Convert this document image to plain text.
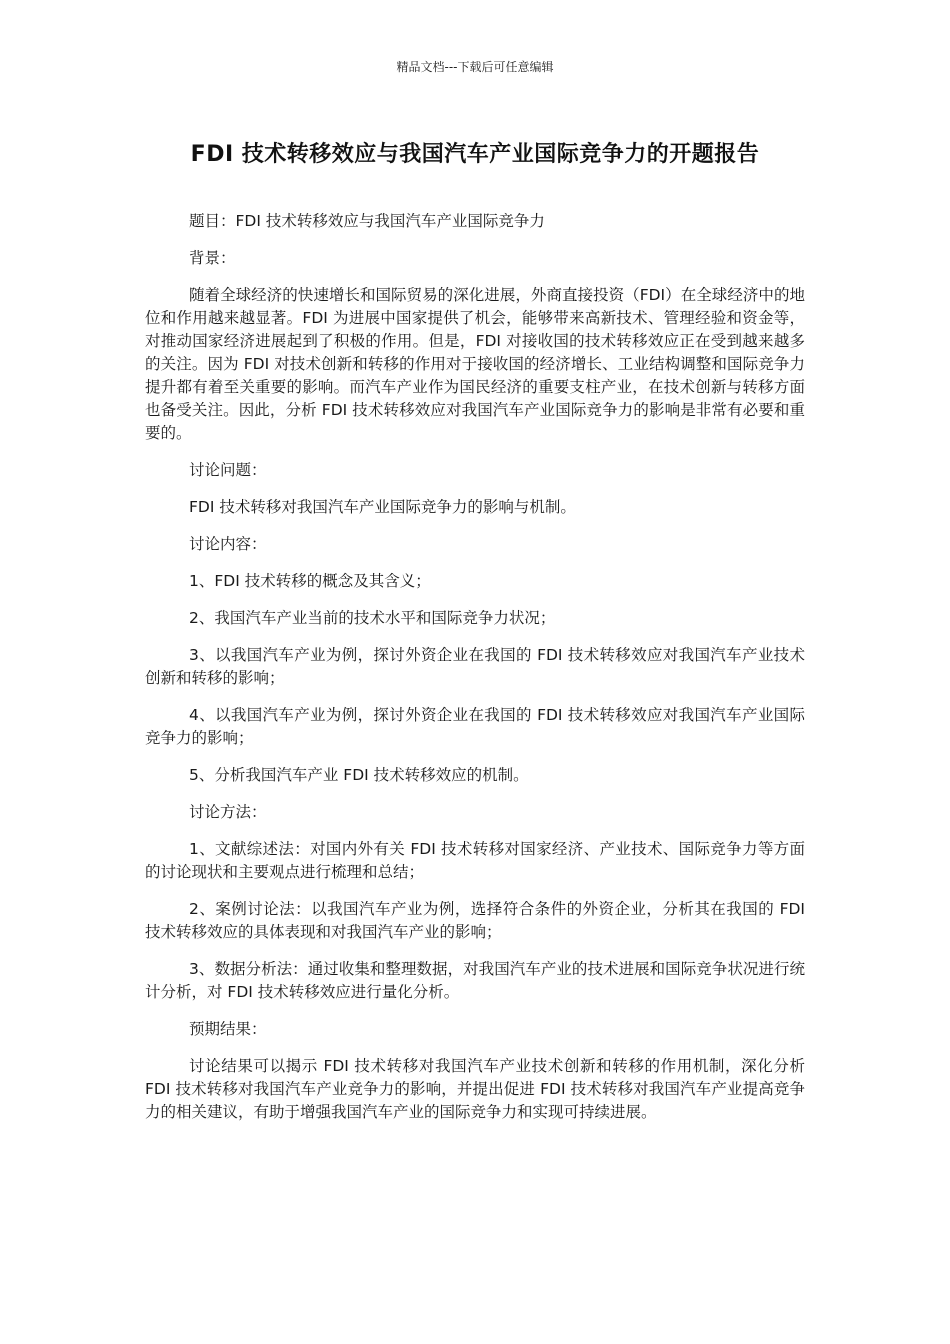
精品文档---下载后可任意编辑
FDI 技术转移效应与我国汽车产业国际竞争力的开题报告

题目：FDI 技术转移效应与我国汽车产业国际竞争力

背景：

随着全球经济的快速增长和国际贸易的深化进展，外商直接投资（FDI）在全球经济中的地位和作用越来越显著。FDI 为进展中国家提供了机会，能够带来高新技术、管理经验和资金等，对推动国家经济进展起到了积极的作用。但是，FDI 对接收国的技术转移效应正在受到越来越多的关注。因为 FDI 对技术创新和转移的作用对于接收国的经济增长、工业结构调整和国际竞争力提升都有着至关重要的影响。而汽车产业作为国民经济的重要支柱产业，在技术创新与转移方面也备受关注。因此，分析 FDI 技术转移效应对我国汽车产业国际竞争力的影响是非常有必要和重要的。

讨论问题：

FDI 技术转移对我国汽车产业国际竞争力的影响与机制。

讨论内容：

1、FDI 技术转移的概念及其含义；

2、我国汽车产业当前的技术水平和国际竞争力状况；

3、以我国汽车产业为例，探讨外资企业在我国的 FDI 技术转移效应对我国汽车产业技术创新和转移的影响；

4、以我国汽车产业为例，探讨外资企业在我国的 FDI 技术转移效应对我国汽车产业国际竞争力的影响；

5、分析我国汽车产业 FDI 技术转移效应的机制。

讨论方法：

1、文献综述法：对国内外有关 FDI 技术转移对国家经济、产业技术、国际竞争力等方面的讨论现状和主要观点进行梳理和总结；

2、案例讨论法：以我国汽车产业为例，选择符合条件的外资企业，分析其在我国的 FDI 技术转移效应的具体表现和对我国汽车产业的影响；

3、数据分析法：通过收集和整理数据，对我国汽车产业的技术进展和国际竞争状况进行统计分析，对 FDI 技术转移效应进行量化分析。

预期结果：

讨论结果可以揭示 FDI 技术转移对我国汽车产业技术创新和转移的作用机制，深化分析 FDI 技术转移对我国汽车产业竞争力的影响，并提出促进 FDI 技术转移对我国汽车产业提高竞争力的相关建议，有助于增强我国汽车产业的国际竞争力和实现可持续进展。
